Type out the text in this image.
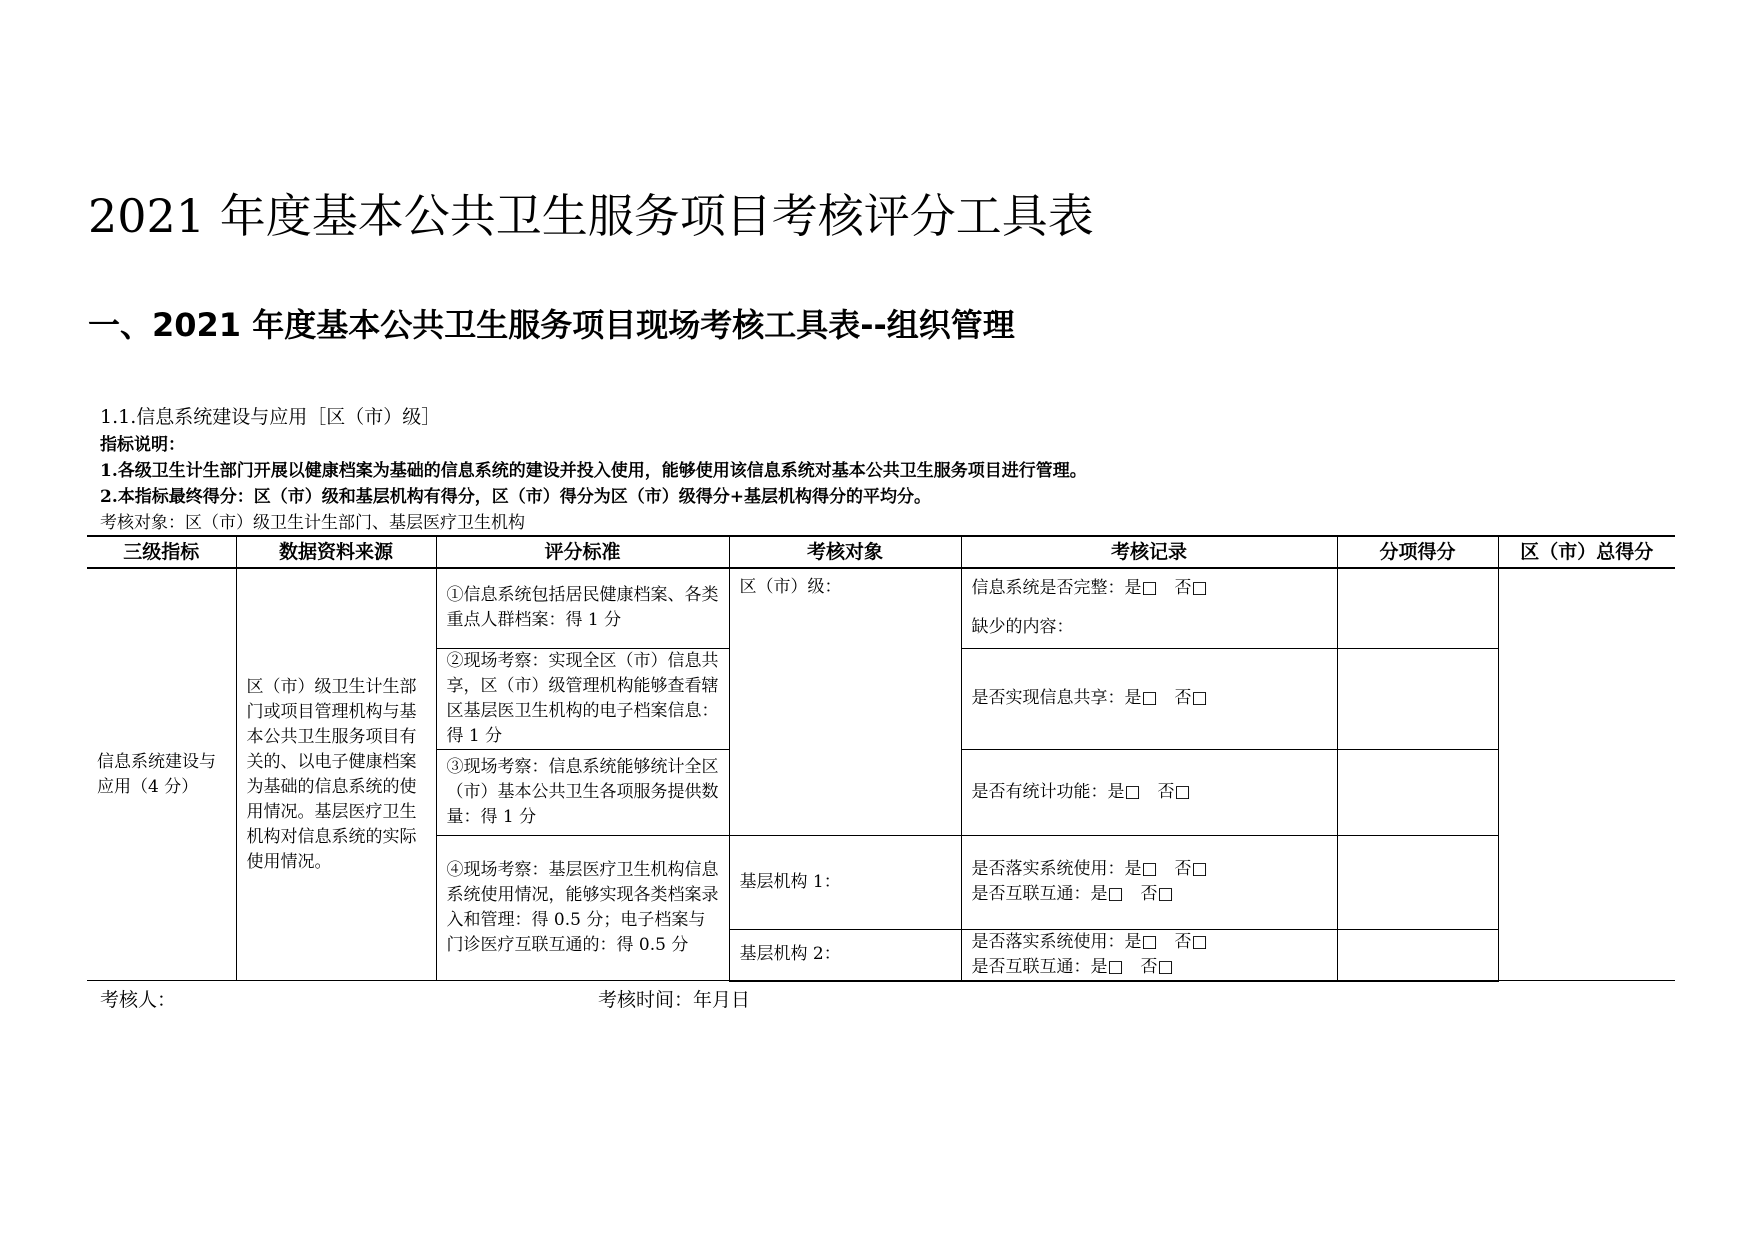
2021 年度基本公共卫生服务项目考核评分工具表
一、2021 年度基本公共卫生服务项目现场考核工具表--组织管理
1.1.信息系统建设与应用［区（市）级］
指标说明：
1.各级卫生计生部门开展以健康档案为基础的信息系统的建设并投入使用，能够使用该信息系统对基本公共卫生服务项目进行管理。
2.本指标最终得分：区（市）级和基层机构有得分，区（市）得分为区（市）级得分+基层机构得分的平均分。
考核对象：区（市）级卫生计生部门、基层医疗卫生机构
三级指标	数据资料来源	评分标准	考核对象	考核记录	分项得分	区（市）总得分
信息系统建设与应用（4 分）	区（市）级卫生计生部门或项目管理机构与基本公共卫生服务项目有关的、以电子健康档案为基础的信息系统的使用情况。基层医疗卫生机构对信息系统的实际使用情况。	①信息系统包括居民健康档案、各类重点人群档案：得 1 分	区（市）级：	信息系统是否完整：是□　否□
缺少的内容：		

		②现场考察：实现全区（市）信息共享，区（市）级管理机构能够查看辖区基层医卫生机构的电子档案信息：得 1 分		是否实现信息共享：是□　否□		
		③现场考察：信息系统能够统计全区（市）基本公共卫生各项服务提供数量：得 1 分		是否有统计功能：是□　否□		
		④现场考察：基层医疗卫生机构信息系统使用情况，能够实现各类档案录入和管理：得 0.5 分；电子档案与门诊医疗互联互通的：得 0.5 分	基层机构 1：	是否落实系统使用：是□　否□
是否互联互通：是□　否□		
			基层机构 2：	是否落实系统使用：是□　否□
是否互联互通：是□　否□		
考核人：	考核时间：年月日
